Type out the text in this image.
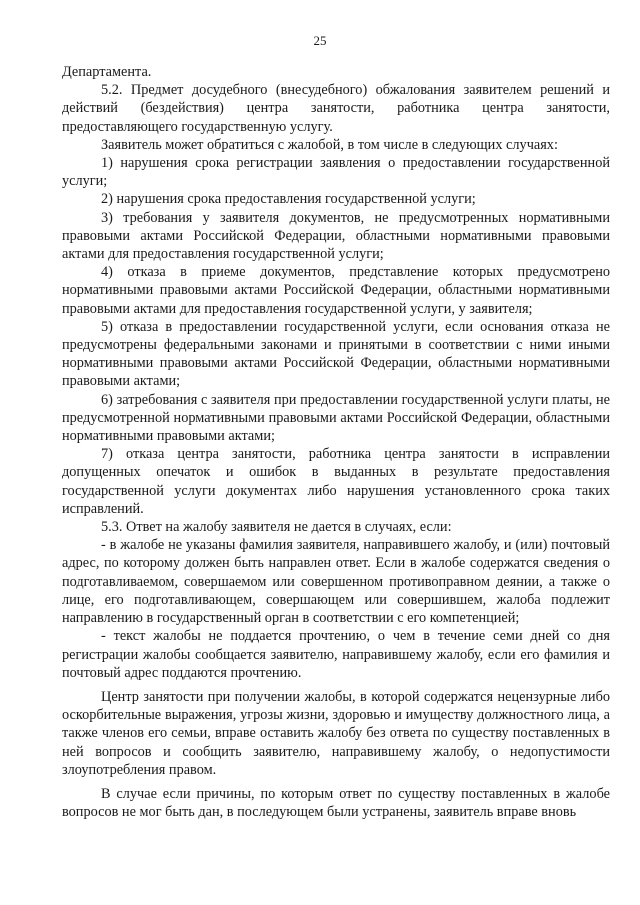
25

Департамента.

5.2. Предмет досудебного (внесудебного) обжалования заявителем решений и действий (бездействия) центра занятости, работника центра занятости, предоставляющего государственную услугу.

Заявитель может обратиться с жалобой, в том числе в следующих случаях:

1) нарушения срока регистрации заявления о предоставлении государственной услуги;

2) нарушения срока предоставления государственной услуги;

3) требования у заявителя документов, не предусмотренных нормативными правовыми актами Российской Федерации, областными нормативными правовыми актами для предоставления государственной услуги;

4) отказа в приеме документов, представление которых предусмотрено нормативными правовыми актами Российской Федерации, областными нормативными правовыми актами для предоставления государственной услуги, у заявителя;

5) отказа в предоставлении государственной услуги, если основания отказа не предусмотрены федеральными законами и принятыми в соответствии с ними иными нормативными правовыми актами Российской Федерации, областными нормативными правовыми актами;

6) затребования с заявителя при предоставлении государственной услуги платы, не предусмотренной нормативными правовыми актами Российской Федерации, областными нормативными правовыми актами;

7) отказа центра занятости, работника центра занятости в исправлении допущенных опечаток и ошибок в выданных в результате предоставления государственной услуги документах либо нарушения установленного срока таких исправлений.

5.3. Ответ на жалобу заявителя не дается в случаях, если:

- в жалобе не указаны фамилия заявителя, направившего жалобу, и (или) почтовый адрес, по которому должен быть направлен ответ. Если в жалобе содержатся сведения о подготавливаемом, совершаемом или совершенном противоправном деянии, а также о лице, его подготавливающем, совершающем или совершившем, жалоба подлежит направлению в государственный орган в соответствии с его компетенцией;

- текст жалобы не поддается прочтению, о чем в течение семи дней со дня регистрации жалобы сообщается заявителю, направившему жалобу, если его фамилия и почтовый адрес поддаются прочтению.

Центр занятости при получении жалобы, в которой содержатся нецензурные либо оскорбительные выражения, угрозы жизни, здоровью и имуществу должностного лица, а также членов его семьи, вправе оставить жалобу без ответа по существу поставленных в ней вопросов и сообщить заявителю, направившему жалобу, о недопустимости злоупотребления правом.

В случае если причины, по которым ответ по существу поставленных в жалобе вопросов не мог быть дан, в последующем были устранены, заявитель вправе вновь
